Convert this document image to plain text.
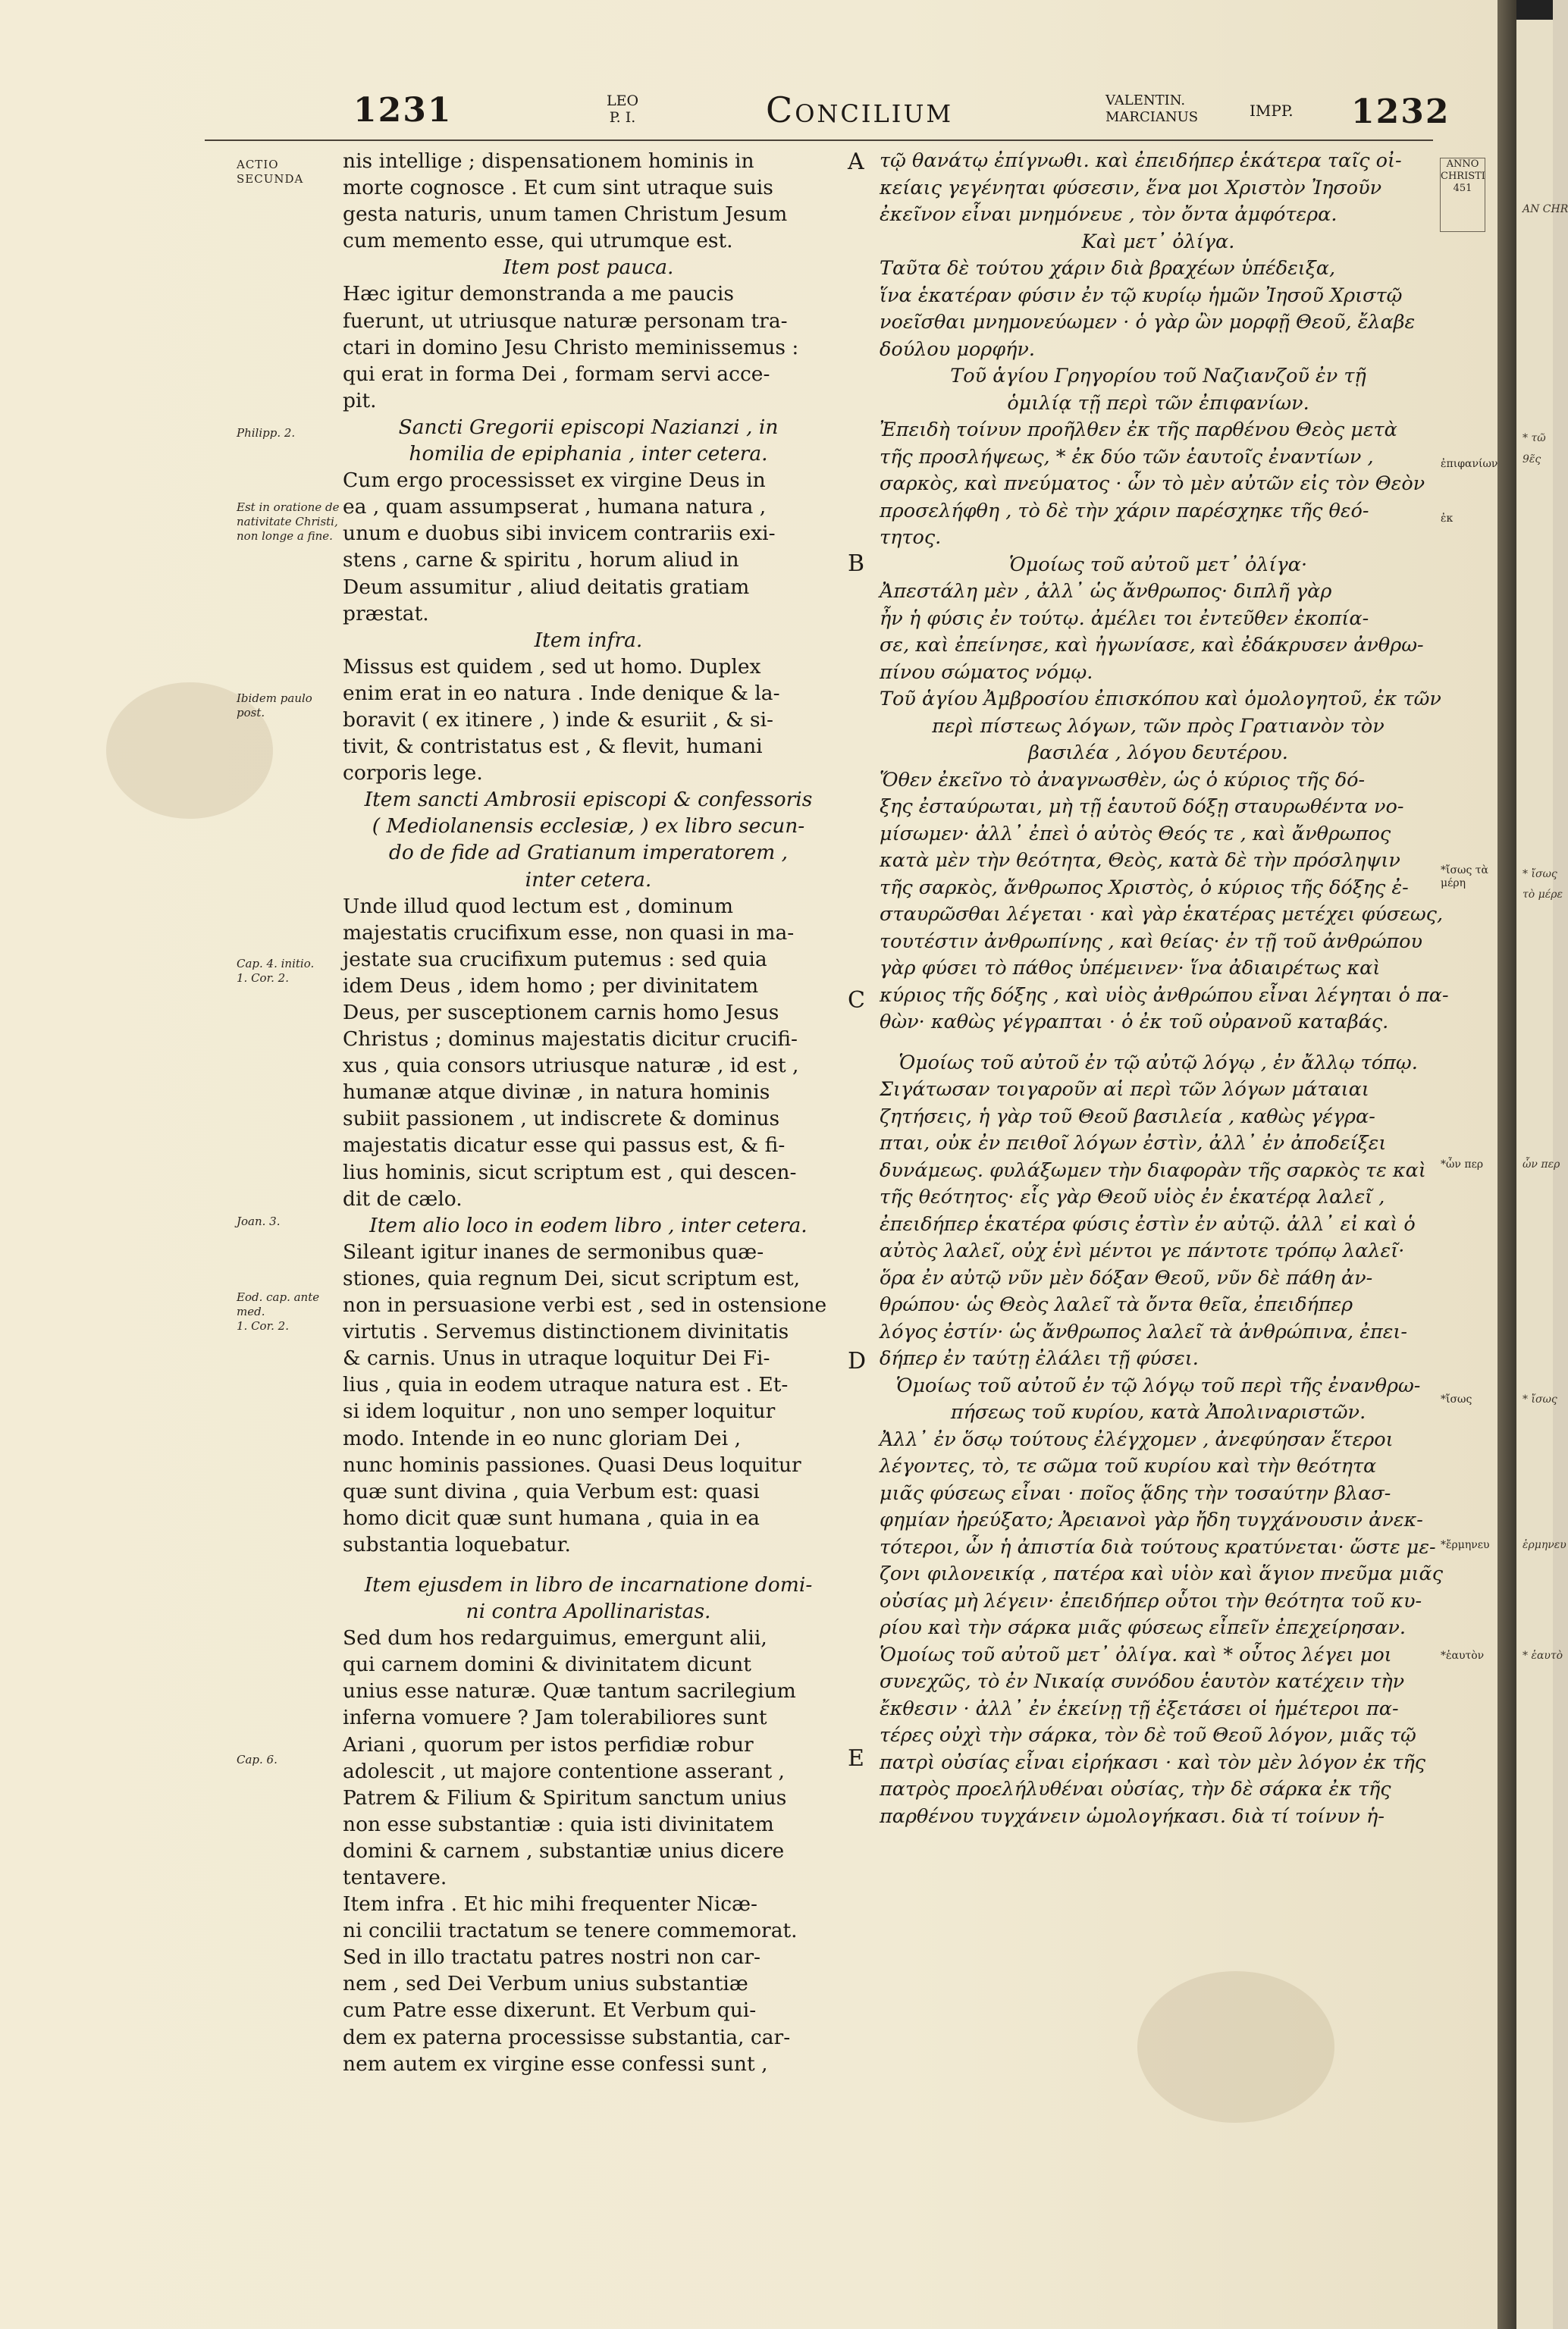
1231	LEO
P. I.	Concilium	VALENTIN.
MARCIANUS	IMPP. 1232
ACTIO
SECUNDA
Philipp. 2.
Est in oratione de nativitate Christi, non longe a fine.
Ibidem paulo post.
Cap. 4. initio.
1. Cor. 2.
Joan. 3.
Eod. cap. ante med.
1. Cor. 2.
Cap. 6.
nis intellige ; dispensationem hominis in
morte cognosce . Et cum sint utraque suis
gesta naturis, unum tamen Christum Jesum
cum memento esse, qui utrumque est.
Item post pauca.
Hæc igitur demonstranda a me paucis
fuerunt, ut utriusque naturæ personam tra-
ctari in domino Jesu Christo meminissemus :
qui erat in forma Dei , formam servi acce-
pit.
Sancti Gregorii episcopi Nazianzi , in
homilia de epiphania , inter cetera.
Cum ergo processisset ex virgine Deus in
ea , quam assumpserat , humana natura ,
unum e duobus sibi invicem contrariis exi-
stens , carne & spiritu , horum aliud in
Deum assumitur , aliud deitatis gratiam
præstat.
Item infra.
Missus est quidem , sed ut homo. Duplex
enim erat in eo natura . Inde denique & la-
boravit ( ex itinere , ) inde & esuriit , & si-
tivit, & contristatus est , & flevit, humani
corporis lege.
Item sancti Ambrosii episcopi & confessoris
( Mediolanensis ecclesiæ, ) ex libro secun-
do de fide ad Gratianum imperatorem ,
inter cetera.
Unde illud quod lectum est , dominum
majestatis crucifixum esse, non quasi in ma-
jestate sua crucifixum putemus : sed quia
idem Deus , idem homo ; per divinitatem
Deus, per susceptionem carnis homo Jesus
Christus ; dominus majestatis dicitur crucifi-
xus , quia consors utriusque naturæ , id est ,
humanæ atque divinæ , in natura hominis
subiit passionem , ut indiscrete & dominus
majestatis dicatur esse qui passus est, & fi-
lius hominis, sicut scriptum est , qui descen-
dit de cælo.
Item alio loco in eodem libro , inter cetera.
Sileant igitur inanes de sermonibus quæ-
stiones, quia regnum Dei, sicut scriptum est,
non in persuasione verbi est , sed in ostensione
virtutis . Servemus distinctionem divinitatis
& carnis. Unus in utraque loquitur Dei Fi-
lius , quia in eodem utraque natura est . Et-
si idem loquitur , non uno semper loquitur
modo. Intende in eo nunc gloriam Dei ,
nunc hominis passiones. Quasi Deus loquitur
quæ sunt divina , quia Verbum est: quasi
homo dicit quæ sunt humana , quia in ea
substantia loquebatur.
Item ejusdem in libro de incarnatione domi-
ni contra Apollinaristas.
Sed dum hos redarguimus, emergunt alii,
qui carnem domini & divinitatem dicunt
unius esse naturæ. Quæ tantum sacrilegium
inferna vomuere ? Jam tolerabiliores sunt
Ariani , quorum per istos perfidiæ robur
adolescit , ut majore contentione asserant ,
Patrem & Filium & Spiritum sanctum unius
non esse substantiæ : quia isti divinitatem
domini & carnem , substantiæ unius dicere
tentavere.
Item infra . Et hic mihi frequenter Nicæ-
ni concilii tractatum se tenere commemorat.
Sed in illo tractatu patres nostri non car-
nem , sed Dei Verbum unius substantiæ
cum Patre esse dixerunt. Et Verbum qui-
dem ex paterna processisse substantia, car-
nem autem ex virgine esse confessi sunt ,
A
B
C
D
E
τῷ θανάτῳ ἐπίγνωθι. καὶ ἐπειδήπερ ἑκάτερα ταῖς οἰ-
κείαις γεγένηται φύσεσιν, ἕνα μοι Χριστὸν Ἰησοῦν
ἐκεῖνον εἶναι μνημόνευε , τὸν ὄντα ἀμφότερα.
Καὶ μετ᾽ ὀλίγα.
Ταῦτα δὲ τούτου χάριν διὰ βραχέων ὑπέδειξα,
ἵνα ἑκατέραν φύσιν ἐν τῷ κυρίῳ ἡμῶν Ἰησοῦ Χριστῷ
νοεῖσθαι μνημονεύωμεν · ὁ γὰρ ὢν μορφῇ Θεοῦ, ἔλαβε
δούλου μορφήν.
Τοῦ ἁγίου Γρηγορίου τοῦ Ναζιανζοῦ ἐν τῇ
ὁμιλίᾳ τῇ περὶ τῶν ἐπιφανίων.
Ἐπειδὴ τοίνυν προῆλθεν ἐκ τῆς παρθένου Θεὸς μετὰ
τῆς προσλήψεως, * ἐκ δύο τῶν ἑαυτοῖς ἐναντίων ,
σαρκὸς, καὶ πνεύματος · ὧν τὸ μὲν αὐτῶν εἰς τὸν Θεὸν
προσελήφθη , τὸ δὲ τὴν χάριν παρέσχηκε τῆς θεό-
τητος.
Ὁμοίως τοῦ αὐτοῦ μετ᾽ ὀλίγα·
Ἀπεστάλη μὲν , ἀλλ᾽ ὡς ἄνθρωπος· διπλῆ γὰρ
ἦν ἡ φύσις ἐν τούτῳ. ἀμέλει τοι ἐντεῦθεν ἐκοπία-
σε, καὶ ἐπείνησε, καὶ ἠγωνίασε, καὶ ἐδάκρυσεν ἀνθρω-
πίνου σώματος νόμῳ.
Τοῦ ἁγίου Ἀμβροσίου ἐπισκόπου καὶ ὁμολογητοῦ, ἐκ τῶν
περὶ πίστεως λόγων, τῶν πρὸς Γρατιανὸν τὸν
βασιλέα , λόγου δευτέρου.
Ὅθεν ἐκεῖνο τὸ ἀναγνωσθὲν, ὡς ὁ κύριος τῆς δό-
ξης ἐσταύρωται, μὴ τῇ ἑαυτοῦ δόξῃ σταυρωθέντα νο-
μίσωμεν· ἀλλ᾽ ἐπεὶ ὁ αὐτὸς Θεός τε , καὶ ἄνθρωπος
κατὰ μὲν τὴν θεότητα, Θεὸς, κατὰ δὲ τὴν πρόσληψιν
τῆς σαρκὸς, ἄνθρωπος Χριστὸς, ὁ κύριος τῆς δόξης ἐ-
σταυρῶσθαι λέγεται · καὶ γὰρ ἑκατέρας μετέχει φύσεως,
τουτέστιν ἀνθρωπίνης , καὶ θείας· ἐν τῇ τοῦ ἀνθρώπου
γὰρ φύσει τὸ πάθος ὑπέμεινεν· ἵνα ἀδιαιρέτως καὶ
κύριος τῆς δόξης , καὶ υἱὸς ἀνθρώπου εἶναι λέγηται ὁ πα-
θὼν· καθὼς γέγραπται · ὁ ἐκ τοῦ οὐρανοῦ καταβάς.
Ὁμοίως τοῦ αὐτοῦ ἐν τῷ αὐτῷ λόγῳ , ἐν ἄλλῳ τόπῳ.
Σιγάτωσαν τοιγαροῦν αἱ περὶ τῶν λόγων μάταιαι
ζητήσεις, ἡ γὰρ τοῦ Θεοῦ βασιλεία , καθὼς γέγρα-
πται, οὐκ ἐν πειθοῖ λόγων ἐστὶν, ἀλλ᾽ ἐν ἀποδείξει
δυνάμεως. φυλάξωμεν τὴν διαφορὰν τῆς σαρκὸς τε καὶ
τῆς θεότητος· εἷς γὰρ Θεοῦ υἱὸς ἐν ἑκατέρᾳ λαλεῖ ,
ἐπειδήπερ ἑκατέρα φύσις ἐστὶν ἐν αὐτῷ. ἀλλ᾽ εἰ καὶ ὁ
αὐτὸς λαλεῖ, οὐχ ἑνὶ μέντοι γε πάντοτε τρόπῳ λαλεῖ·
ὅρα ἐν αὐτῷ νῦν μὲν δόξαν Θεοῦ, νῦν δὲ πάθη ἀν-
θρώπου· ὡς Θεὸς λαλεῖ τὰ ὄντα θεῖα, ἐπειδήπερ
λόγος ἐστίν· ὡς ἄνθρωπος λαλεῖ τὰ ἀνθρώπινα, ἐπει-
δήπερ ἐν ταύτῃ ἐλάλει τῇ φύσει.
Ὁμοίως τοῦ αὐτοῦ ἐν τῷ λόγῳ τοῦ περὶ τῆς ἐνανθρω-
πήσεως τοῦ κυρίου, κατὰ Ἀπολιναριστῶν.
Ἀλλ᾽ ἐν ὅσῳ τούτους ἐλέγχομεν , ἀνεφύησαν ἕτεροι
λέγοντες, τὸ, τε σῶμα τοῦ κυρίου καὶ τὴν θεότητα
μιᾶς φύσεως εἶναι · ποῖος ᾅδης τὴν τοσαύτην βλασ-
φημίαν ἠρεύξατο; Ἀρειανοὶ γὰρ ἤδη τυγχάνουσιν ἀνεκ-
τότεροι, ὧν ἡ ἀπιστία διὰ τούτους κρατύνεται· ὥστε με-
ζονι φιλονεικίᾳ , πατέρα καὶ υἱὸν καὶ ἅγιον πνεῦμα μιᾶς
οὐσίας μὴ λέγειν· ἐπειδήπερ οὗτοι τὴν θεότητα τοῦ κυ-
ρίου καὶ τὴν σάρκα μιᾶς φύσεως εἶπεῖν ἐπεχείρησαν.
Ὁμοίως τοῦ αὐτοῦ μετ᾽ ὀλίγα. καὶ * οὗτος λέγει μοι
συνεχῶς, τὸ ἐν Νικαίᾳ συνόδου ἑαυτὸν κατέχειν τὴν
ἔκθεσιν · ἀλλ᾽ ἐν ἐκείνῃ τῇ ἐξετάσει οἱ ἡμέτεροι πα-
τέρες οὐχὶ τὴν σάρκα, τὸν δὲ τοῦ Θεοῦ λόγον, μιᾶς τῷ
πατρὶ οὐσίας εἶναι εἰρήκασι · καὶ τὸν μὲν λόγον ἐκ τῆς
πατρὸς προελήλυθέναι οὐσίας, τὴν δὲ σάρκα ἐκ τῆς
παρθένου τυγχάνειν ὡμολογήκασι. διὰ τί τοίνυν ἡ-
ANNO CHRISTI 451
ἐπιφανίων
ἐκ
*ἴσως τὰ μέρη
*ὧν περ
*ἴσως
*ἔρμηνευ
*ἑαυτὸν
AN CHR
* τῶ
9ε̃ς
* ἴσως
τὸ μέρε
ὧν περ
* ἴσως
ἑρμηνευ
* ἑαυτὸ
